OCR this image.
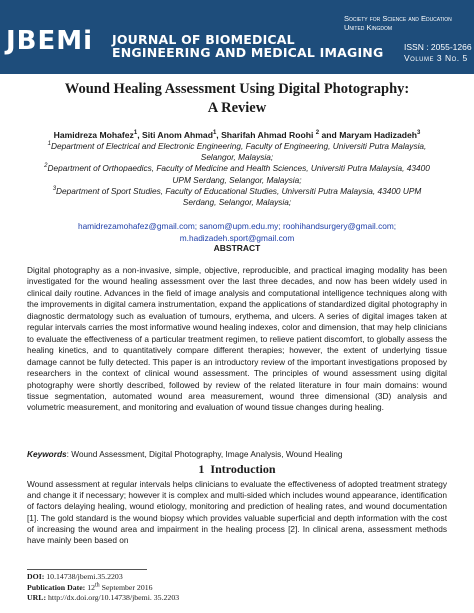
JBEMi JOURNAL OF BIOMEDICAL
ENGINEERING AND MEDICAL IMAGING
Society for Science and Education
United Kingdom
ISSN : 2055-1266
Volume 3 No. 5
Wound Healing Assessment Using Digital Photography:
A Review
Hamidreza Mohafez$^1$, Siti Anom Ahmad$^1$, Sharifah Ahmad Roohi $^2$ and Maryam Hadizadeh$^3$

$^1$Department of Electrical and Electronic Engineering, Faculty of Engineering, Universiti Putra Malaysia, Selangor, Malaysia;

$^2$Department of Orthopaedics, Faculty of Medicine and Health Sciences, Universiti Putra Malaysia, 43400 UPM Serdang, Selangor, Malaysia;

$^3$Department of Sport Studies, Faculty of Educational Studies, Universiti Putra Malaysia, 43400 UPM Serdang, Selangor, Malaysia;

hamidrezamohafez@gmail.com; sanom@upm.edu.my; roohihandsurgery@gmail.com;
m.hadizadeh.sport@gmail.com
ABSTRACT

Digital photography as a non-invasive, simple, objective, reproducible, and practical imaging modality has been investigated for the wound healing assessment over the last three decades, and now has been widely used in clinical daily routine. Advances in the field of image analysis and computational intelligence techniques along with the improvements in digital camera instrumentation, expand the applications of standardized digital photography in diagnostic dermatology such as evaluation of tumours, erythema, and ulcers. A series of digital images taken at regular intervals carries the most informative wound healing indexes, color and dimension, that may help clinicians to evaluate the effectiveness of a particular treatment regimen, to relieve patient discomfort, to globally assess the healing kinetics, and to quantitatively compare different therapies; however, the extent of underlying tissue damage cannot be fully detected. This paper is an introductory review of the important investigations proposed by researchers in the context of clinical wound assessment. The principles of wound assessment using digital photography were shortly described, followed by review of the related literature in four main domains: wound tissue segmentation, automated wound area measurement, wound three dimensional (3D) analysis and volumetric measurement, and monitoring and evaluation of wound tissue changes during healing.

Keywords: Wound Assessment, Digital Photography, Image Analysis, Wound Healing
1 Introduction

Wound assessment at regular intervals helps clinicians to evaluate the effectiveness of adopted treatment strategy and change it if necessary; however it is complex and multi-sided which includes wound appearance, identification of factors delaying healing, wound etiology, monitoring and prediction of healing rates, and wound documentation [1]. The gold standard is the wound biopsy which provides valuable superficial and depth information with the cost of increasing the wound area and impairment in the healing process [2]. In clinical arena, assessment methods have mainly been based on

DOI: 10.14738/jbemi.35.2203
Publication Date: 12th September 2016
URL: http://dx.doi.org/10.14738/jbemi. 35.2203
